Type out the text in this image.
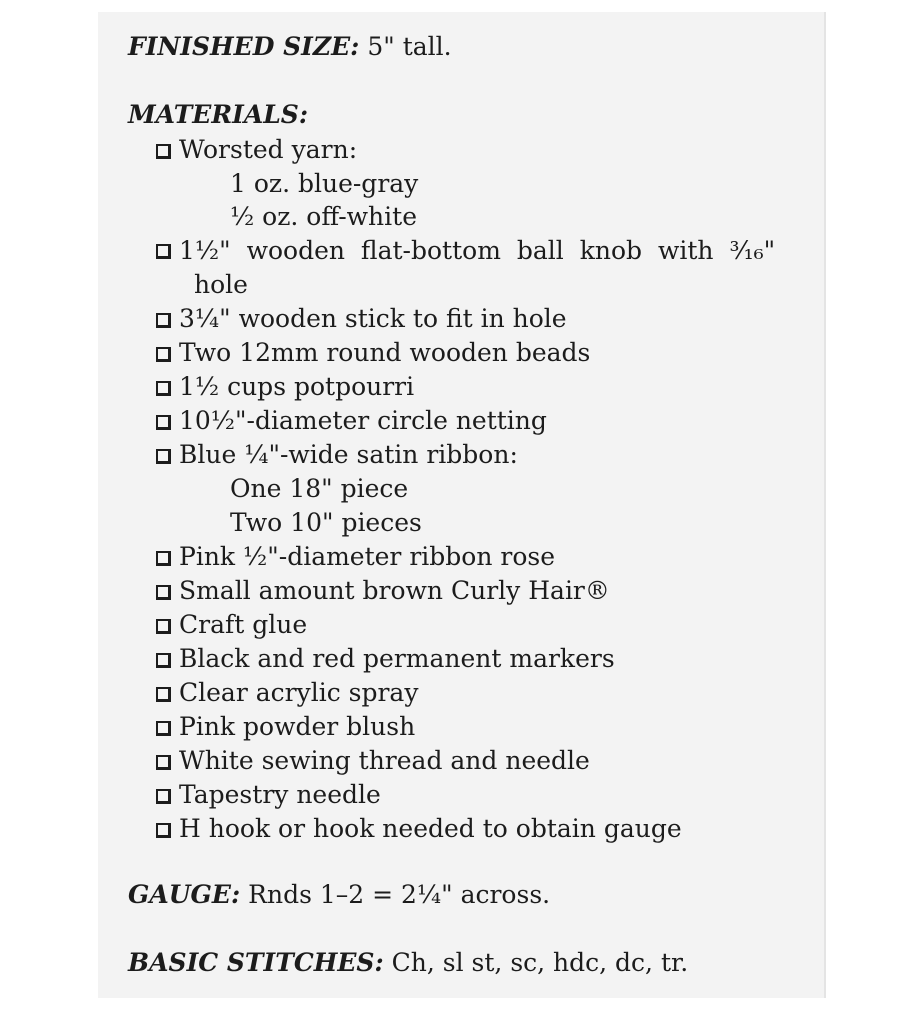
FINISHED SIZE: 5" tall.
MATERIALS:
Worsted yarn:
1 oz. blue-gray
½ oz. off-white
1½" wooden flat-bottom ball knob with ³⁄₁₆"
hole
3¼" wooden stick to fit in hole
Two 12mm round wooden beads
1½ cups potpourri
10½"-diameter circle netting
Blue ¼"-wide satin ribbon:
One 18" piece
Two 10" pieces
Pink ½"-diameter ribbon rose
Small amount brown Curly Hair®
Craft glue
Black and red permanent markers
Clear acrylic spray
Pink powder blush
White sewing thread and needle
Tapestry needle
H hook or hook needed to obtain gauge
GAUGE: Rnds 1–2 = 2¼" across.
BASIC STITCHES: Ch, sl st, sc, hdc, dc, tr.
